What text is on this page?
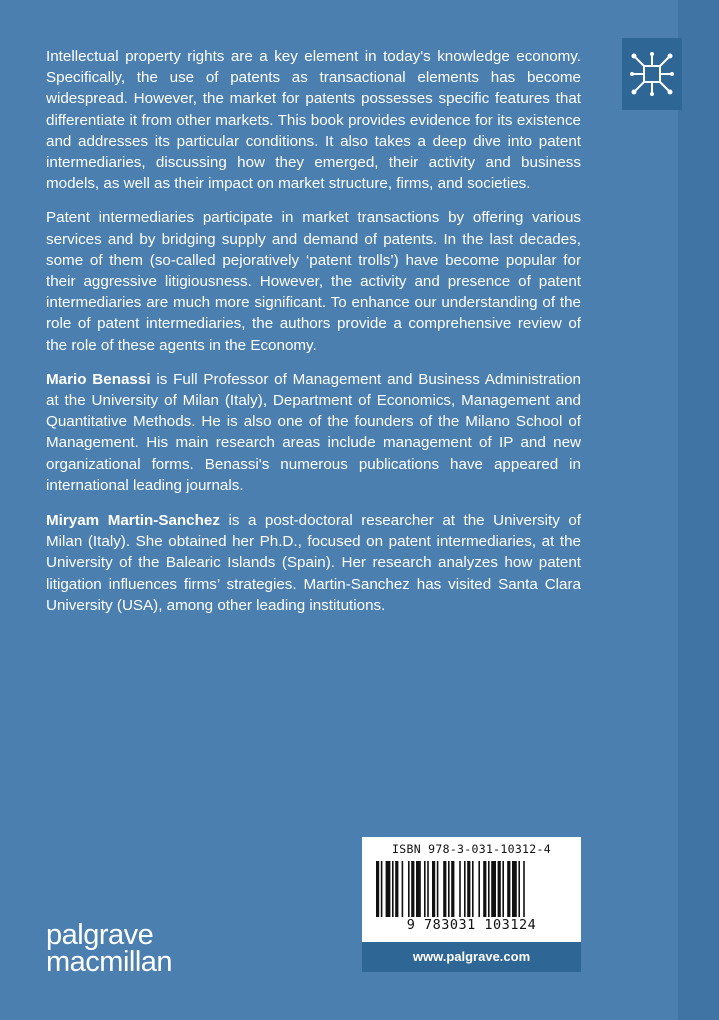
Intellectual property rights are a key element in today's knowledge economy. Specifically, the use of patents as transactional elements has become widespread. However, the market for patents possesses specific features that differentiate it from other markets. This book provides evidence for its existence and addresses its particular conditions. It also takes a deep dive into patent intermediaries, discussing how they emerged, their activity and business models, as well as their impact on market structure, firms, and societies.

Patent intermediaries participate in market transactions by offering various services and by bridging supply and demand of patents. In the last decades, some of them (so-called pejoratively ‘patent trolls’) have become popular for their aggressive litigiousness. However, the activity and presence of patent intermediaries are much more significant. To enhance our understanding of the role of patent intermediaries, the authors provide a comprehensive review of the role of these agents in the Economy.

Mario Benassi is Full Professor of Management and Business Administration at the University of Milan (Italy), Department of Economics, Management and Quantitative Methods. He is also one of the founders of the Milano School of Management. His main research areas include management of IP and new organizational forms. Benassi's numerous publications have appeared in international leading journals.

Miryam Martin-Sanchez is a post-doctoral researcher at the University of Milan (Italy). She obtained her Ph.D., focused on patent intermediaries, at the University of the Balearic Islands (Spain). Her research analyzes how patent litigation influences firms’ strategies. Martin-Sanchez has visited Santa Clara University (USA), among other leading institutions.

ISBN 978-3-031-10312-4
9 783031 103124
www.palgrave.com
palgrave
macmillan
